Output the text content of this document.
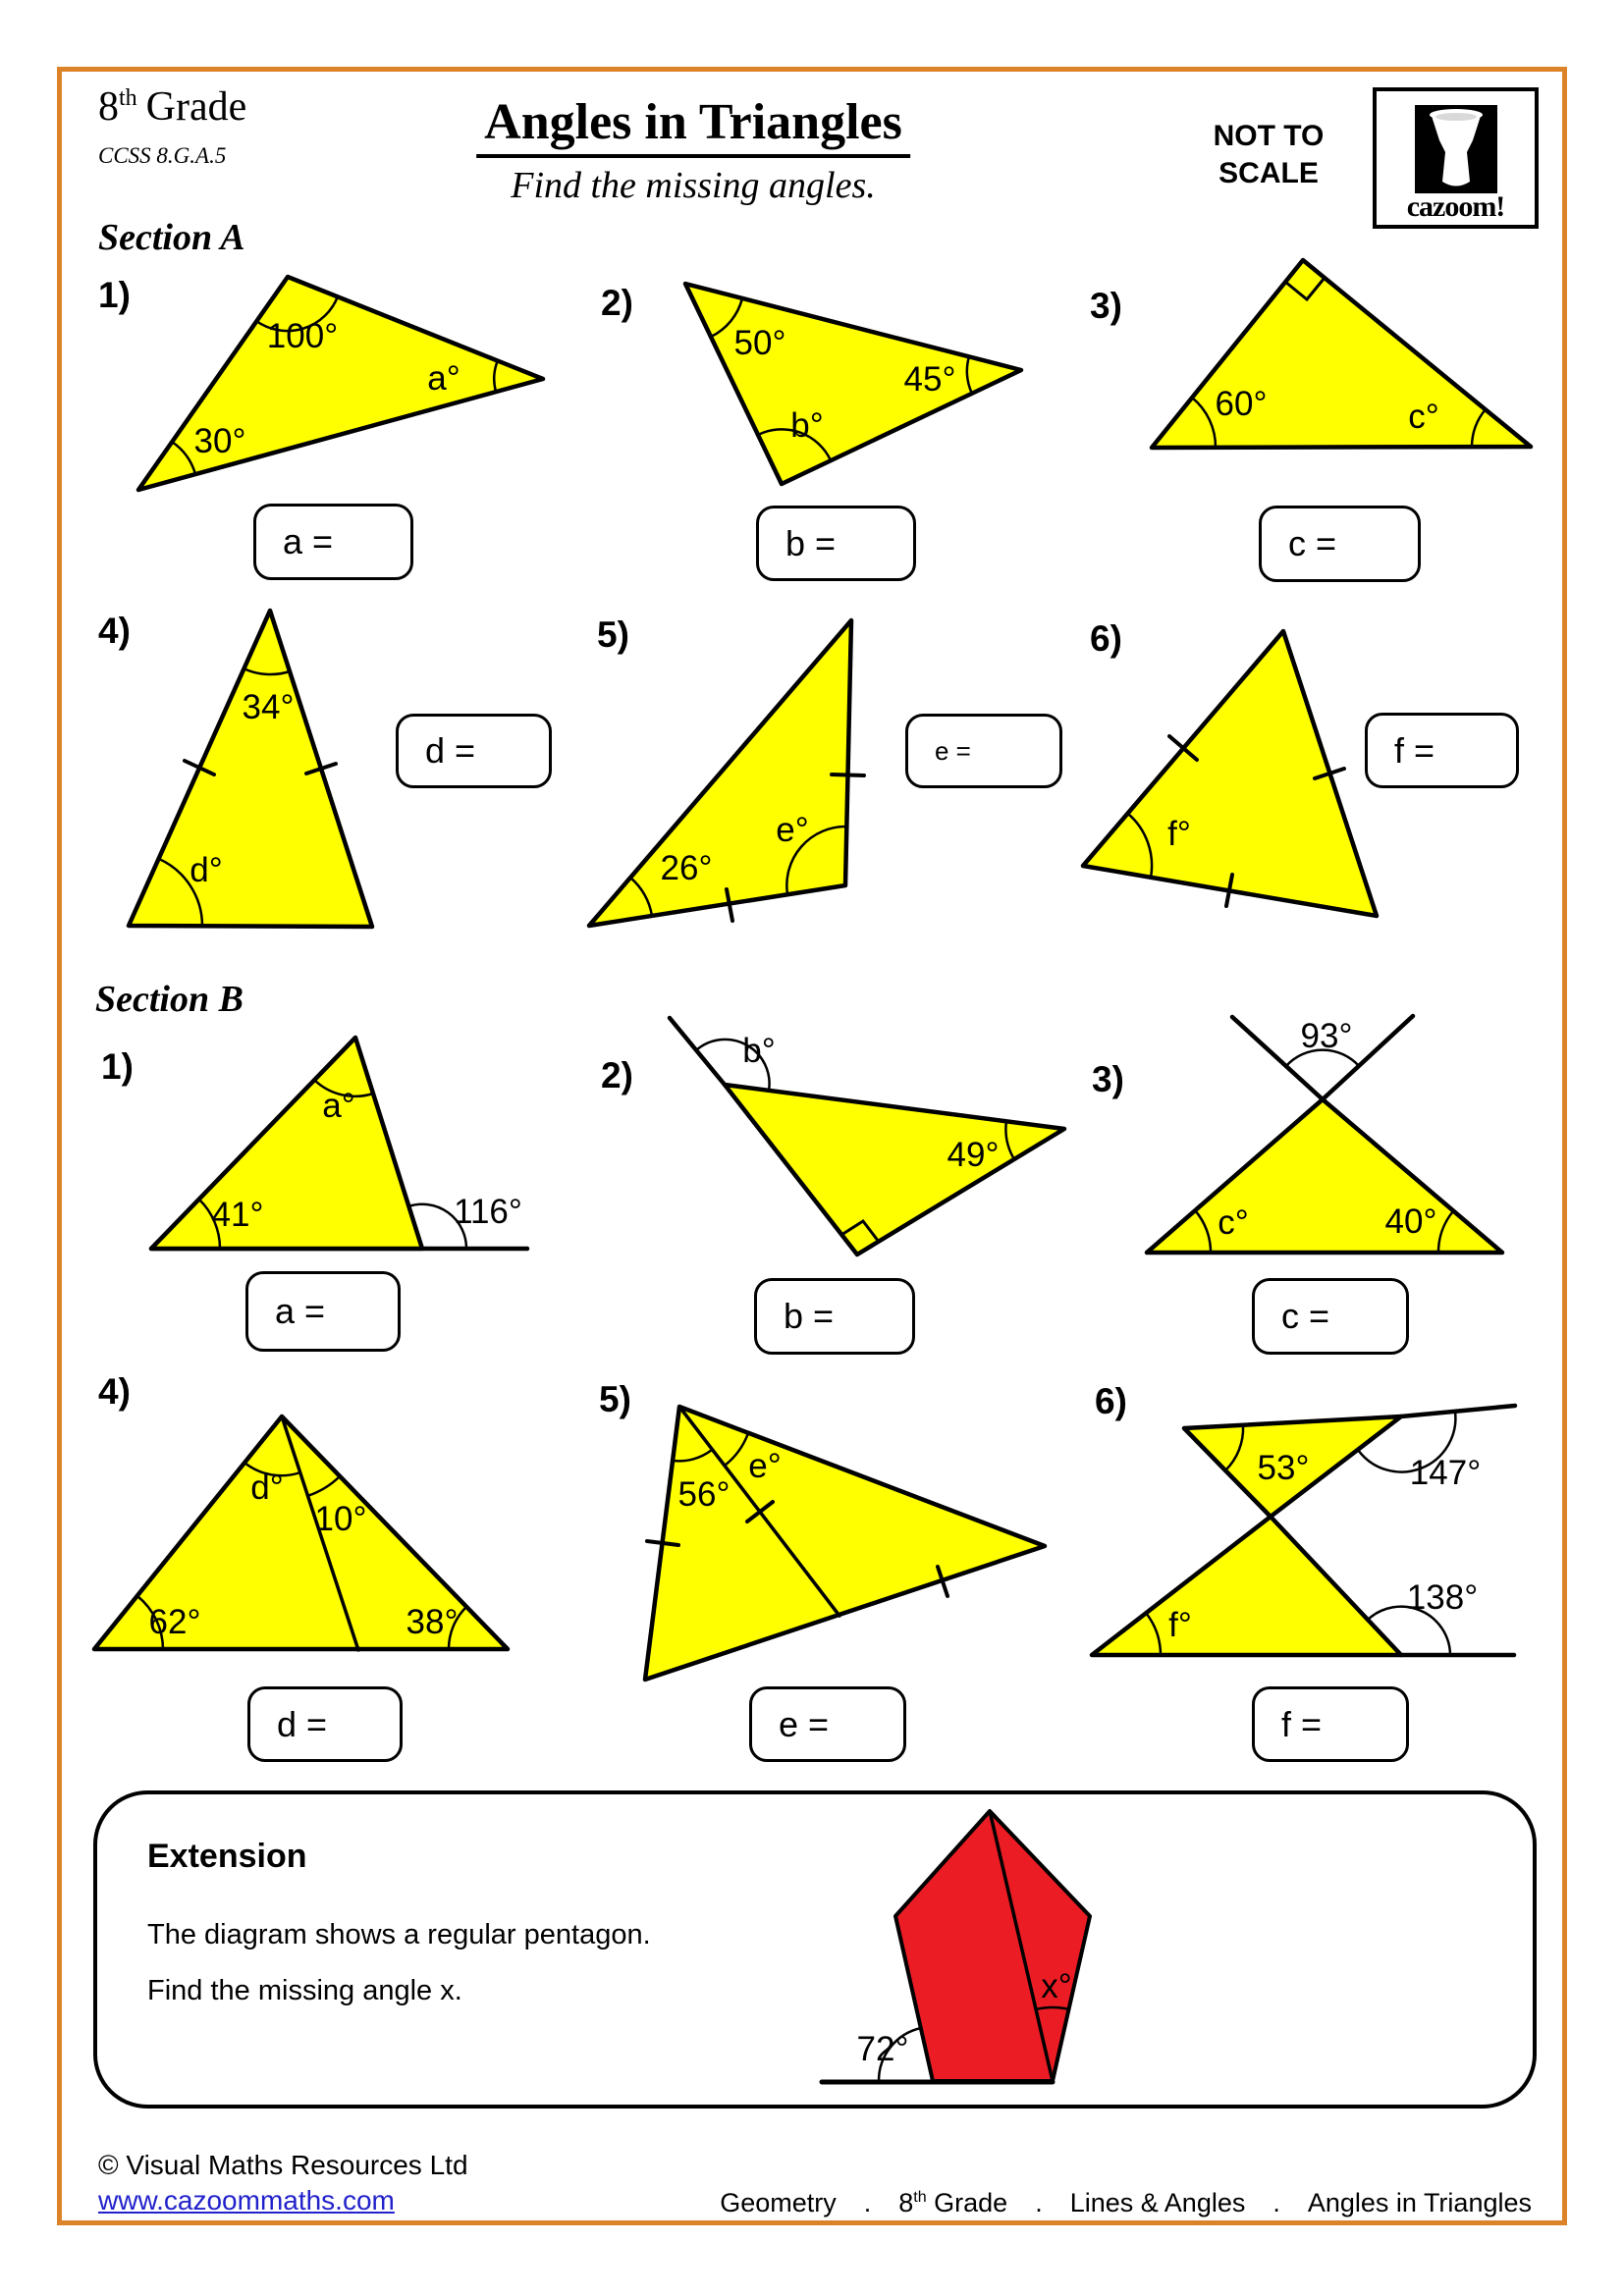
8th Grade
CCSS 8.G.A.5
Angles in Triangles
Find the missing angles.
NOT TO
SCALE
cazoom!
Section A
Section B
1)	2)	3)
4)	5)	6)
1)	2)	3)
4)	5)	6)
100°
a°
30°
50°
45°
b°
60°	c°
34°
d°	26°
e°	f°
a°
41°	116°
b°
49°
93°
c°	40°
d°
10°
62°	38°
56°
e°	53°	147°
f°
138°
72°
x°
a =	b =	c =
d =	e =	f =
a =	b =	c =
d =	e =	f =
Extension
The diagram shows a regular pentagon.
Find the missing angle x.
© Visual Maths Resources Ltd
www.cazoommaths.com	Geometry . 8th Grade . Lines & Angles . Angles in Triangles
